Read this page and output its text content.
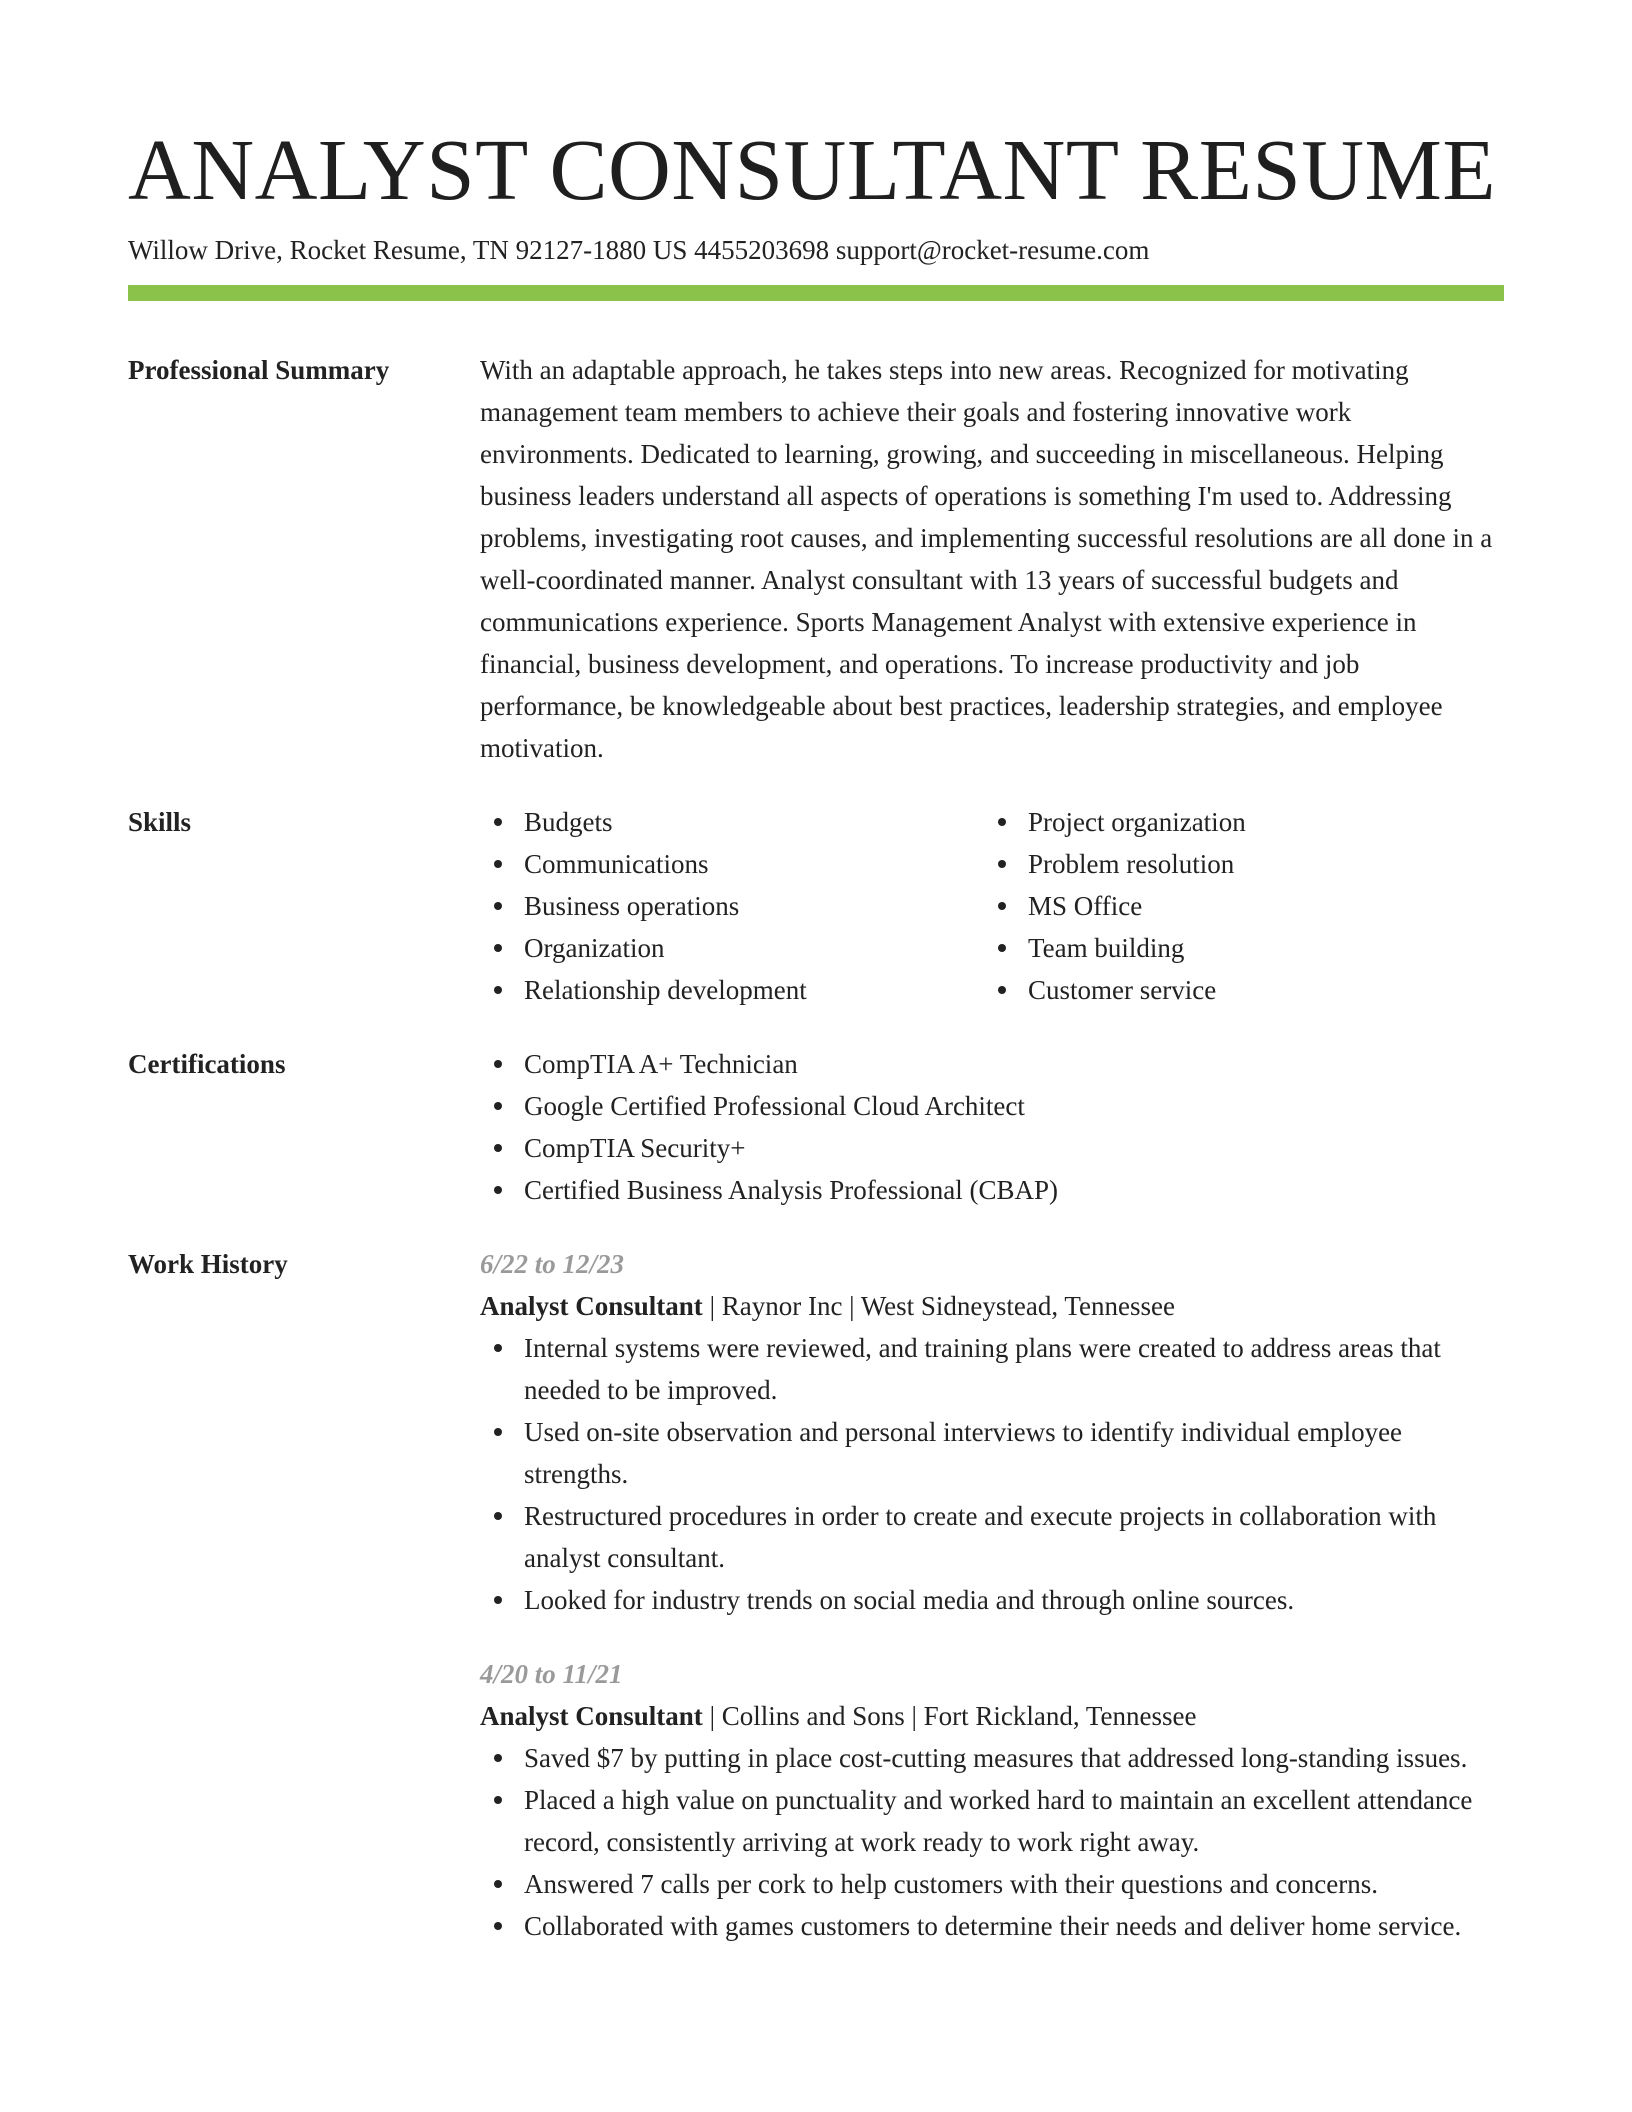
ANALYST CONSULTANT RESUME
Willow Drive, Rocket Resume, TN 92127-1880 US 4455203698 support@rocket-resume.com
Professional Summary	With an adaptable approach, he takes steps into new areas. Recognized for motivating management team members to achieve their goals and fostering innovative work environments. Dedicated to learning, growing, and succeeding in miscellaneous. Helping business leaders understand all aspects of operations is something I'm used to. Addressing problems, investigating root causes, and implementing successful resolutions are all done in a well-coordinated manner. Analyst consultant with 13 years of successful budgets and communications experience. Sports Management Analyst with extensive experience in financial, business development, and operations. To increase productivity and job performance, be knowledgeable about best practices, leadership strategies, and employee motivation.

Skills	Budgets
Communications
Business operations
Organization
Relationship development
Project organization
Problem resolution
MS Office
Team building
Customer service
Certifications	CompTIA A+ Technician
Google Certified Professional Cloud Architect
CompTIA Security+
Certified Business Analysis Professional (CBAP)
Work History	6/22 to 12/23
Analyst Consultant | Raynor Inc | West Sidneystead, Tennessee
Internal systems were reviewed, and training plans were created to address areas that needed to be improved.
Used on-site observation and personal interviews to identify individual employee strengths.
Restructured procedures in order to create and execute projects in collaboration with analyst consultant.
Looked for industry trends on social media and through online sources.
4/20 to 11/21
Analyst Consultant | Collins and Sons | Fort Rickland, Tennessee
Saved $7 by putting in place cost-cutting measures that addressed long-standing issues.
Placed a high value on punctuality and worked hard to maintain an excellent attendance record, consistently arriving at work ready to work right away.
Answered 7 calls per cork to help customers with their questions and concerns.
Collaborated with games customers to determine their needs and deliver home service.
